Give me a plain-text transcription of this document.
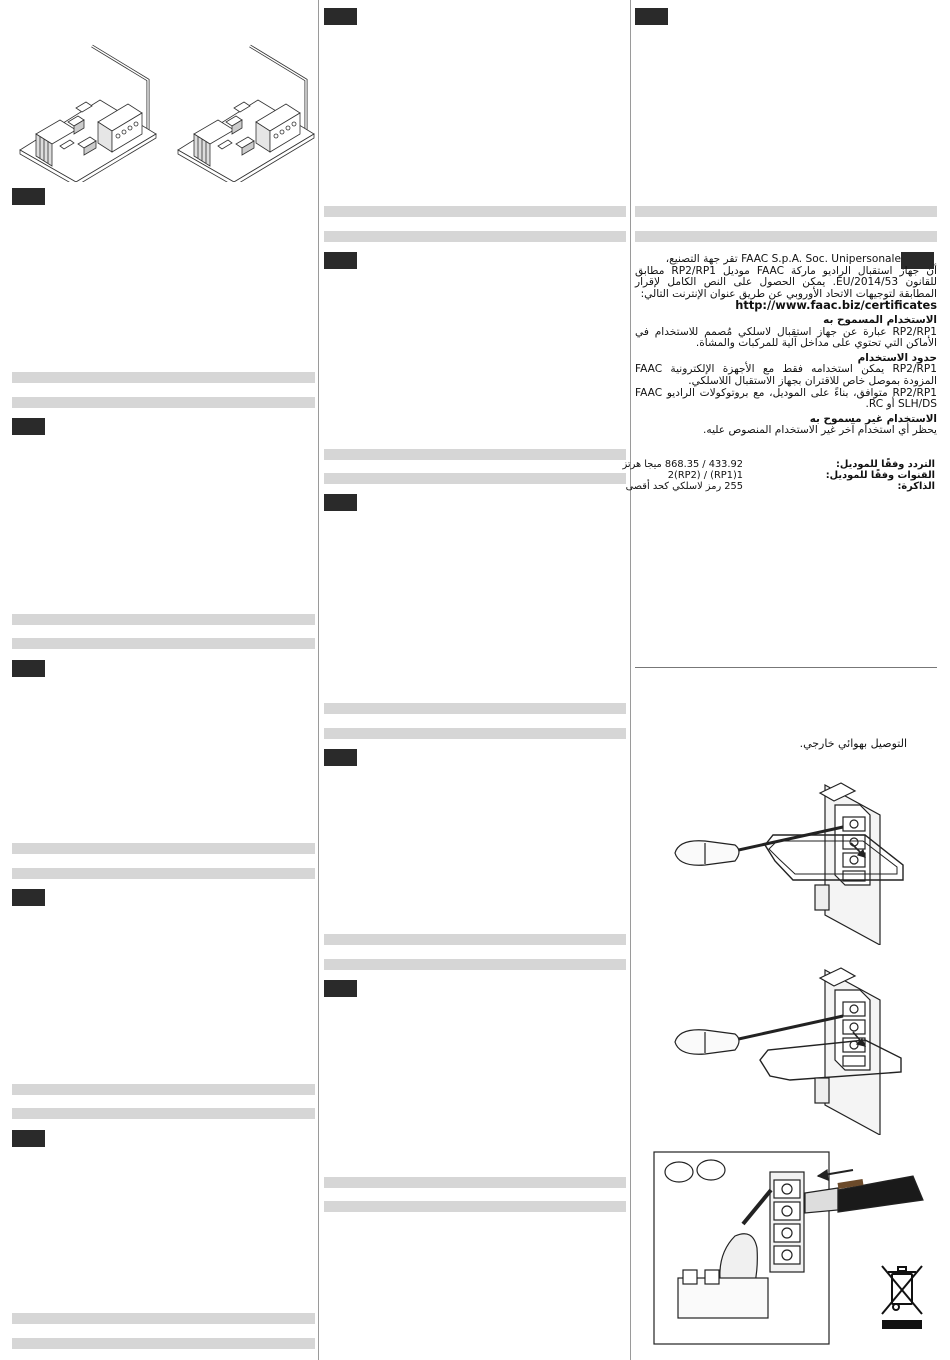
FAAC S.p.A. Soc. Unipersonale تقر جهة التصنيع،
أن جهاز استقبال الراديو ماركة FAAC موديل RP2/RP1 مطابق للقانون 2014/53/EU. يمكن الحصول على النص الكامل لإقرار المطابقة لتوجيهات الاتحاد الأوروبي عن طريق عنوان الإنترنت التالي:
http://www.faac.biz/certificates
الاستخدام المسموح به
RP2/RP1 عبارة عن جهاز استقبال لاسلكي مُصمم للاستخدام في الأماكن التي تحتوي على مداخل آلية للمركبات والمشاة.
حدود الاستخدام
RP2/RP1 يمكن استخدامه فقط مع الأجهزة الإلكترونية FAAC المزودة بموصل خاص للاقتران بجهاز الاستقبال اللاسلكي.
RP2/RP1 متوافق، بناءً على الموديل، مع بروتوكولات الراديو FAAC SLH/DS أو RC.
الاستخدام غير مسموح به
يحظر أي استخدام آخر غير الاستخدام المنصوص عليه.
التردد وفقًا للموديل:
433.92 / 868.35 ميجا هرتز
القنوات وفقًا للموديل:
1(RP1) / 2(RP2)
الذاكرة:
255 رمز لاسلكي كحد أقصى
التوصيل بهوائي خارجي.
